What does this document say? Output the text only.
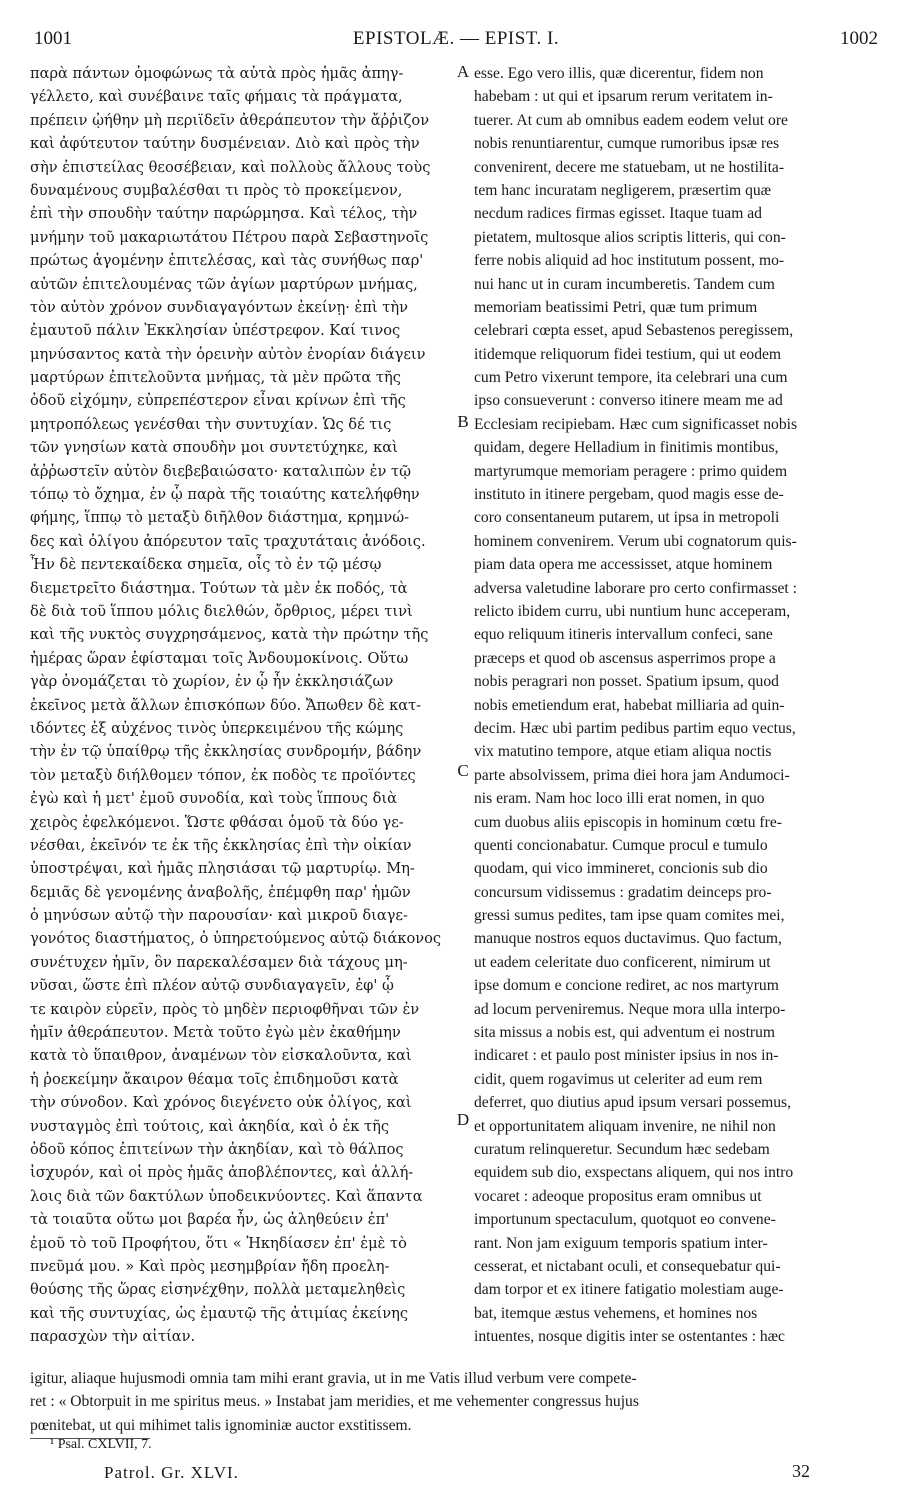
1001	EPISTOLÆ. — EPIST. I.	1002
παρὰ πάντων ὁμοφώνως τὰ αὐτὰ πρὸς ἡμᾶς ἀπηγ-
γέλλετο, καὶ συνέβαινε ταῖς φήμαις τὰ πράγματα,
πρέπειν ᾠήθην μὴ περιϊδεῖν ἀθεράπευτον τὴν ἄῤῥιζον
καὶ ἀφύτευτον ταύτην δυσμένειαν. Διὸ καὶ πρὸς τὴν
σὴν ἐπιστείλας θεοσέβειαν, καὶ πολλοὺς ἄλλους τοὺς
δυναμένους συμβαλέσθαι τι πρὸς τὸ προκείμενον,
ἐπὶ τὴν σπουδὴν ταύτην παρώρμησα. Καὶ τέλος, τὴν
μνήμην τοῦ μακαριωτάτου Πέτρου παρὰ Σεβαστηνοῖς
πρώτως ἀγομένην ἐπιτελέσας, καὶ τὰς συνήθως παρ'
αὐτῶν ἐπιτελουμένας τῶν ἁγίων μαρτύρων μνήμας,
τὸν αὐτὸν χρόνον συνδιαγαγόντων ἐκείνῃ· ἐπὶ τὴν
ἐμαυτοῦ πάλιν Ἐκκλησίαν ὑπέστρεφον. Καί τινος
μηνύσαντος κατὰ τὴν ὀρεινὴν αὐτὸν ἐνορίαν διάγειν
μαρτύρων ἐπιτελοῦντα μνήμας, τὰ μὲν πρῶτα τῆς
ὁδοῦ εἰχόμην, εὐπρεπέστερον εἶναι κρίνων ἐπὶ τῆς
μητροπόλεως γενέσθαι τὴν συντυχίαν. Ὡς δέ τις
τῶν γνησίων κατὰ σπουδὴν μοι συντετύχηκε, καὶ
ἀῤῥωστεῖν αὐτὸν διεβεβαιώσατο· καταλιπὼν ἐν τῷ
τόπῳ τὸ ὄχημα, ἐν ᾧ παρὰ τῆς τοιαύτης κατελήφθην
φήμης, ἵππῳ τὸ μεταξὺ διῆλθον διάστημα, κρημνώ-
δες καὶ ὀλίγου ἀπόρευτον ταῖς τραχυτάταις ἀνόδοις.
Ἦν δὲ πεντεκαίδεκα σημεῖα, οἷς τὸ ἐν τῷ μέσῳ
διεμετρεῖτο διάστημα. Τούτων τὰ μὲν ἐκ ποδός, τὰ
δὲ διὰ τοῦ ἵππου μόλις διελθών, ὄρθριος, μέρει τινὶ
καὶ τῆς νυκτὸς συγχρησάμενος, κατὰ τὴν πρώτην τῆς
ἡμέρας ὥραν ἐφίσταμαι τοῖς Ἀνδουμοκίνοις. Οὕτω
γὰρ ὀνομάζεται τὸ χωρίον, ἐν ᾧ ἦν ἐκκλησιάζων
ἐκεῖνος μετὰ ἄλλων ἐπισκόπων δύο. Ἄπωθεν δὲ κατ-
ιδόντες ἐξ αὐχένος τινὸς ὑπερκειμένου τῆς κώμης
τὴν ἐν τῷ ὑπαίθρῳ τῆς ἐκκλησίας συνδρομήν, βάδην
τὸν μεταξὺ διήλθομεν τόπον, ἐκ ποδὸς τε προϊόντες
ἐγὼ καὶ ἡ μετ' ἐμοῦ συνοδία, καὶ τοὺς ἵππους διὰ
χειρὸς ἐφελκόμενοι. Ὥστε φθάσαι ὁμοῦ τὰ δύο γε-
νέσθαι, ἐκεῖνόν τε ἐκ τῆς ἐκκλησίας ἐπὶ τὴν οἰκίαν
ὑποστρέψαι, καὶ ἡμᾶς πλησιάσαι τῷ μαρτυρίῳ. Μη-
δεμιᾶς δὲ γενομένης ἀναβολῆς, ἐπέμφθη παρ' ἡμῶν
ὁ μηνύσων αὐτῷ τὴν παρουσίαν· καὶ μικροῦ διαγε-
γονότος διαστήματος, ὁ ὑπηρετούμενος αὐτῷ διάκονος
συνέτυχεν ἡμῖν, ὃν παρεκαλέσαμεν διὰ τάχους μη-
νῦσαι, ὥστε ἐπὶ πλέον αὐτῷ συνδιαγαγεῖν, ἐφ' ᾧ
τε καιρὸν εὑρεῖν, πρὸς τὸ μηδὲν περιοφθῆναι τῶν ἐν
ἡμῖν ἀθεράπευτον. Μετὰ τοῦτο ἐγὼ μὲν ἐκαθήμην
κατὰ τὸ ὕπαιθρον, ἀναμένων τὸν εἰσκαλοῦντα, καὶ
ἡ ῥοεκείμην ἄκαιρον θέαμα τοῖς ἐπιδημοῦσι κατὰ
τὴν σύνοδον. Καὶ χρόνος διεγένετο οὐκ ὀλίγος, καὶ
νυσταγμὸς ἐπὶ τούτοις, καὶ ἀκηδία, καὶ ὁ ἐκ τῆς
ὁδοῦ κόπος ἐπιτείνων τὴν ἀκηδίαν, καὶ τὸ θάλπος
ἰσχυρόν, καὶ οἱ πρὸς ἡμᾶς ἀποβλέποντες, καὶ ἀλλή-
λοις διὰ τῶν δακτύλων ὑποδεικνύοντες. Καὶ ἅπαντα
τὰ τοιαῦτα οὕτω μοι βαρέα ἦν, ὡς ἀληθεύειν ἐπ'
ἐμοῦ τὸ τοῦ Προφήτου, ὅτι « Ἠκηδίασεν ἐπ' ἐμὲ τὸ
πνεῦμά μου. » Καὶ πρὸς μεσημβρίαν ἤδη προελη-
θούσης τῆς ὥρας εἰσηνέχθην, πολλὰ μεταμεληθεὶς
καὶ τῆς συντυχίας, ὡς ἐμαυτῷ τῆς ἀτιμίας ἐκείνης
παρασχὼν τὴν αἰτίαν.
esse. Ego vero illis, quæ dicerentur, fidem non
habebam : ut qui et ipsarum rerum veritatem in-
tuerer. At cum ab omnibus eadem eodem velut ore
nobis renuntiarentur, cumque rumoribus ipsæ res
convenirent, decere me statuebam, ut ne hostilita-
tem hanc incuratam negligerem, præsertim quæ
necdum radices firmas egisset. Itaque tuam ad
pietatem, multosque alios scriptis litteris, qui con-
ferre nobis aliquid ad hoc institutum possent, mo-
nui hanc ut in curam incumberetis. Tandem cum
memoriam beatissimi Petri, quæ tum primum
celebrari cœpta esset, apud Sebastenos peregissem,
itidemque reliquorum fidei testium, qui ut eodem
cum Petro vixerunt tempore, ita celebrari una cum
ipso consueverunt : converso itinere meam me ad
Ecclesiam recipiebam. Hæc cum significasset nobis
quidam, degere Helladium in finitimis montibus,
martyrumque memoriam peragere : primo quidem
instituto in itinere pergebam, quod magis esse de-
coro consentaneum putarem, ut ipsa in metropoli
hominem convenirem. Verum ubi cognatorum quis-
piam data opera me accessisset, atque hominem
adversa valetudine laborare pro certo confirmasset :
relicto ibidem curru, ubi nuntium hunc acceperam,
equo reliquum itineris intervallum confeci, sane
præceps et quod ob ascensus asperrimos prope a
nobis peragrari non posset. Spatium ipsum, quod
nobis emetiendum erat, habebat milliaria ad quin-
decim. Hæc ubi partim pedibus partim equo vectus,
vix matutino tempore, atque etiam aliqua noctis
parte absolvissem, prima diei hora jam Andumoci-
nis eram. Nam hoc loco illi erat nomen, in quo
cum duobus aliis episcopis in hominum cœtu fre-
quenti concionabatur. Cumque procul e tumulo
quodam, qui vico immineret, concionis sub dio
concursum vidissemus : gradatim deinceps pro-
gressi sumus pedites, tam ipse quam comites mei,
manuque nostros equos ductavimus. Quo factum,
ut eadem celeritate duo conficerent, nimirum ut
ipse domum e concione rediret, ac nos martyrum
ad locum perveniremus. Neque mora ulla interpo-
sita missus a nobis est, qui adventum ei nostrum
indicaret : et paulo post minister ipsius in nos in-
cidit, quem rogavimus ut celeriter ad eum rem
deferret, quo diutius apud ipsum versari possemus,
et opportunitatem aliquam invenire, ne nihil non
curatum relinqueretur. Secundum hæc sedebam
equidem sub dio, exspectans aliquem, qui nos intro
vocaret : adeoque propositus eram omnibus ut
importunum spectaculum, quotquot eo convene-
rant. Non jam exiguum temporis spatium inter-
cesserat, et nictabant oculi, et consequebatur qui-
dam torpor et ex itinere fatigatio molestiam auge-
bat, itemque æstus vehemens, et homines nos
intuentes, nosque digitis inter se ostentantes : hæc
A
B
C
D
igitur, aliaque hujusmodi omnia tam mihi erant gravia, ut in me Vatis illud verbum vere compete-
ret : « Obtorpuit in me spiritus meus. » Instabat jam meridies, et me vehementer congressus hujus
pœnitebat, ut qui mihimet talis ignominiæ auctor exstitissem.
¹ Psal. CXLVII, 7.
Patrol. Gr. XLVI.	32
